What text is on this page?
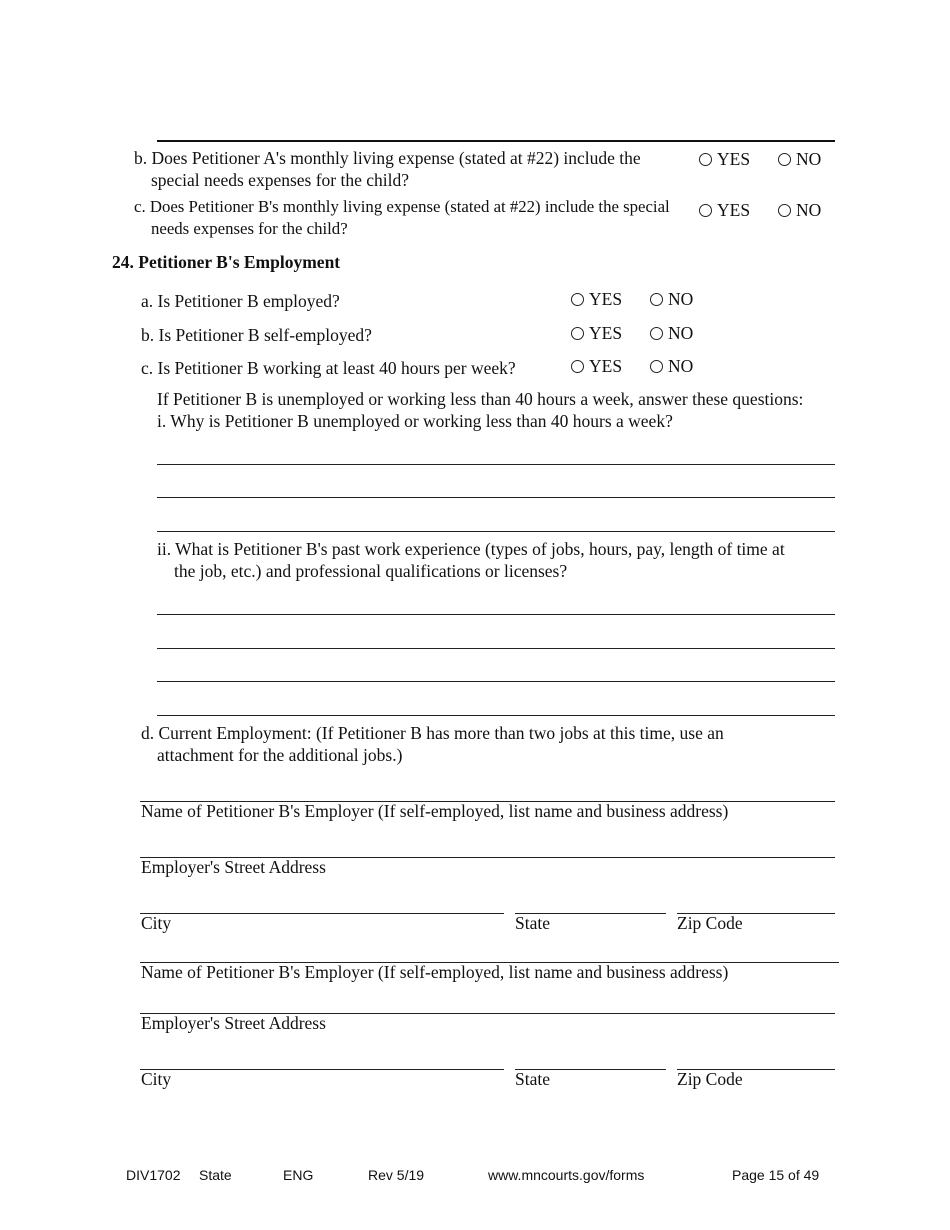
b. Does Petitioner A's monthly living expense (stated at #22) include the
special needs expenses for the child?
YES	NO
c. Does Petitioner B's monthly living expense (stated at #22) include the special
needs expenses for the child?
YES	NO
24. Petitioner B's Employment
a. Is Petitioner B employed?	YES	NO
b. Is Petitioner B self-employed?	YES	NO
c. Is Petitioner B working at least 40 hours per week?	YES	NO
If Petitioner B is unemployed or working less than 40 hours a week, answer these questions:
i. Why is Petitioner B unemployed or working less than 40 hours a week?
ii. What is Petitioner B's past work experience (types of jobs, hours, pay, length of time at
the job, etc.) and professional qualifications or licenses?
d. Current Employment: (If Petitioner B has more than two jobs at this time, use an
attachment for the additional jobs.)
Name of Petitioner B's Employer (If self-employed, list name and business address)
Employer's Street Address
City	State	Zip Code
Name of Petitioner B's Employer (If self-employed, list name and business address)
Employer's Street Address
City	State	Zip Code
DIV1702 State	ENG	Rev 5/19	www.mncourts.gov/forms	Page 15 of 49
